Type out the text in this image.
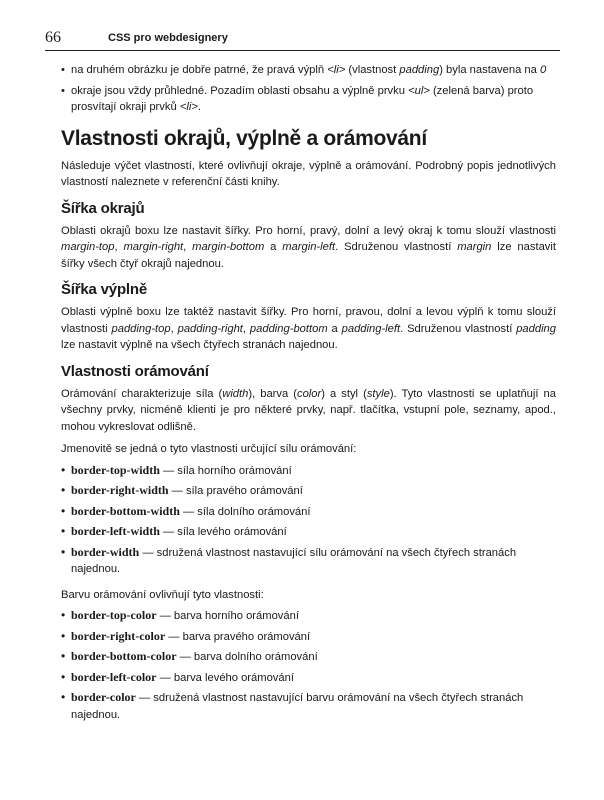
66	CSS pro webdesignery
• na druhém obrázku je dobře patrné, že pravá výplň <li> (vlastnost padding) byla nastavena na 0
• okraje jsou vždy průhledné. Pozadím oblasti obsahu a výplně prvku <ul> (zelená barva) proto prosvítají okraji prvků <li>.
Vlastnosti okrajů, výplně a orámování

Následuje výčet vlastností, které ovlivňují okraje, výplně a orámování. Podrobný popis jednotlivých vlastností naleznete v referenční části knihy.

Šířka okrajů

Oblasti okrajů boxu lze nastavit šířky. Pro horní, pravý, dolní a levý okraj k tomu slouží vlastnosti margin-top, margin-right, margin-bottom a margin-left. Sdruženou vlastností margin lze nastavit šířky všech čtyř okrajů najednou.

Šířka výplně

Oblasti výplně boxu lze taktéž nastavit šířky. Pro horní, pravou, dolní a levou výplň k tomu slouží vlastnosti padding-top, padding-right, padding-bottom a padding-left. Sdruženou vlastností padding lze nastavit výplně na všech čtyřech stranách najednou.

Vlastnosti orámování

Orámování charakterizuje síla (width), barva (color) a styl (style). Tyto vlastnosti se uplatňují na všechny prvky, nicméně klienti je pro některé prvky, např. tlačítka, vstupní pole, seznamy, apod., mohou vykreslovat odlišně.

Jmenovitě se jedná o tyto vlastnosti určující sílu orámování:

• border-top-width — síla horního orámování
• border-right-width — síla pravého orámování
• border-bottom-width — síla dolního orámování
• border-left-width — síla levého orámování
• border-width — sdružená vlastnost nastavující sílu orámování na všech čtyřech stranách najednou.

Barvu orámování ovlivňují tyto vlastnosti:

• border-top-color — barva horního orámování
• border-right-color — barva pravého orámování
• border-bottom-color — barva dolního orámování
• border-left-color — barva levého orámování
• border-color — sdružená vlastnost nastavující barvu orámování na všech čtyřech stranách najednou.
